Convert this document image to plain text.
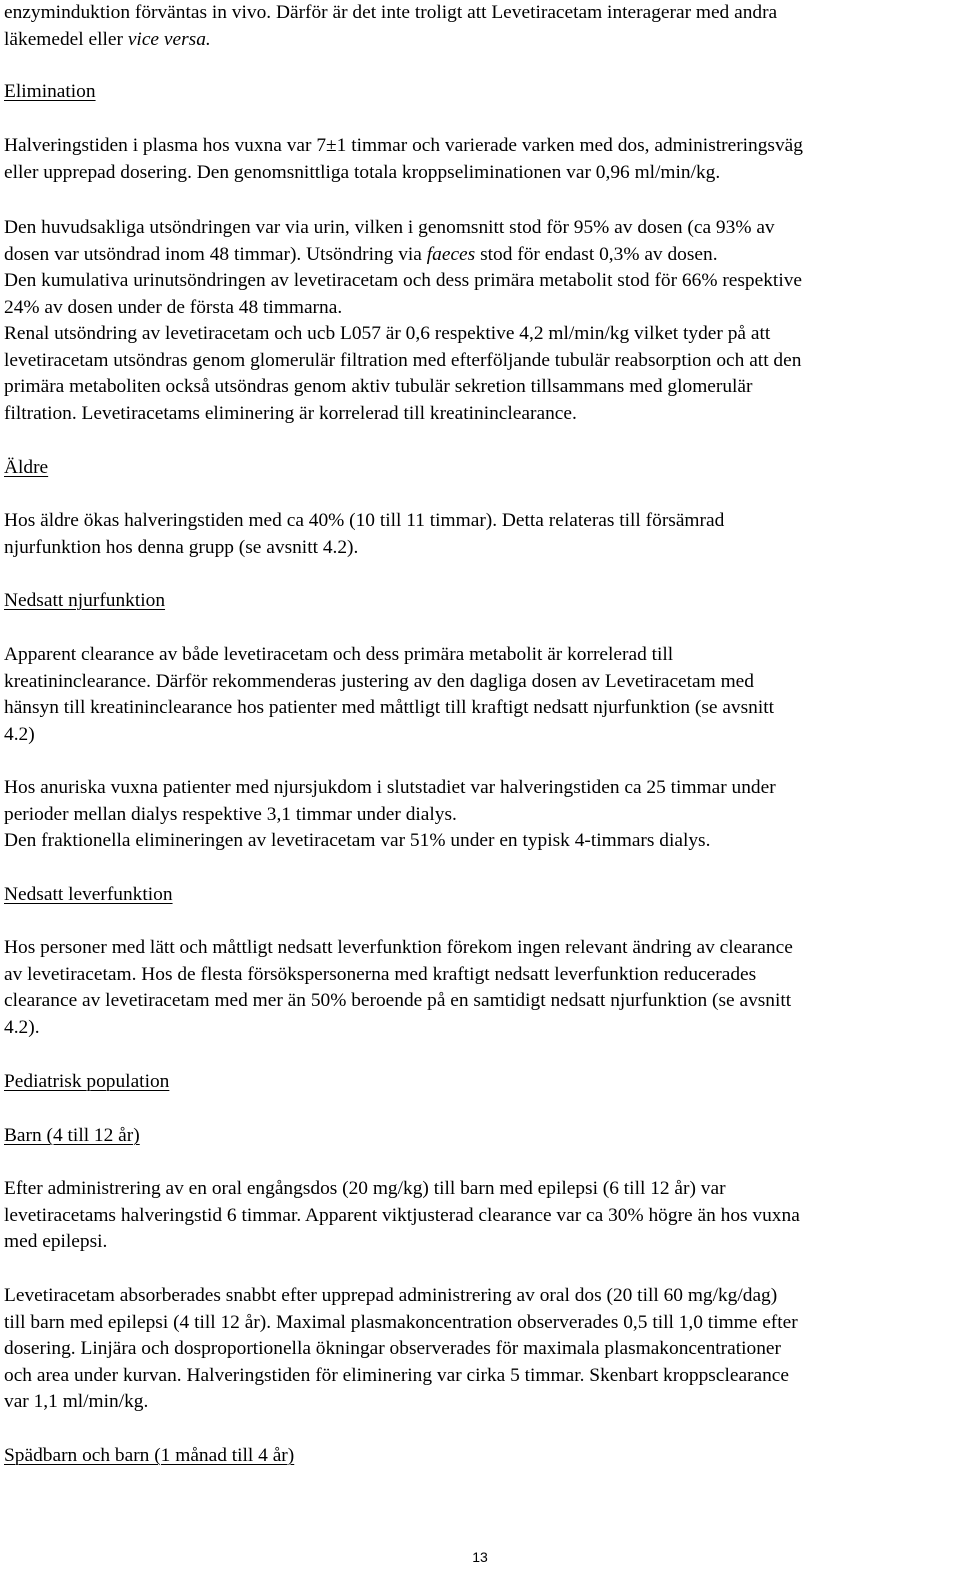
enzyminduktion förväntas in vivo. Därför är det inte troligt att Levetiracetam interagerar med andra
läkemedel eller vice versa.

Elimination

Halveringstiden i plasma hos vuxna var 7±1 timmar och varierade varken med dos, administreringsväg
eller upprepad dosering. Den genomsnittliga totala kroppseliminationen var 0,96 ml/min/kg.

Den huvudsakliga utsöndringen var via urin, vilken i genomsnitt stod för 95% av dosen (ca 93% av
dosen var utsöndrad inom 48 timmar). Utsöndring via faeces stod för endast 0,3% av dosen.

Den kumulativa urinutsöndringen av levetiracetam och dess primära metabolit stod för 66% respektive
24% av dosen under de första 48 timmarna.

Renal utsöndring av levetiracetam och ucb L057 är 0,6 respektive 4,2 ml/min/kg vilket tyder på att
levetiracetam utsöndras genom glomerulär filtration med efterföljande tubulär reabsorption och att den
primära metaboliten också utsöndras genom aktiv tubulär sekretion tillsammans med glomerulär
filtration. Levetiracetams eliminering är korrelerad till kreatininclearance.

Äldre

Hos äldre ökas halveringstiden med ca 40% (10 till 11 timmar). Detta relateras till försämrad
njurfunktion hos denna grupp (se avsnitt 4.2).

Nedsatt njurfunktion

Apparent clearance av både levetiracetam och dess primära metabolit är korrelerad till
kreatininclearance. Därför rekommenderas justering av den dagliga dosen av Levetiracetam med
hänsyn till kreatininclearance hos patienter med måttligt till kraftigt nedsatt njurfunktion (se avsnitt
4.2)

Hos anuriska vuxna patienter med njursjukdom i slutstadiet var halveringstiden ca 25 timmar under
perioder mellan dialys respektive 3,1 timmar under dialys.
Den fraktionella elimineringen av levetiracetam var 51% under en typisk 4-timmars dialys.

Nedsatt leverfunktion

Hos personer med lätt och måttligt nedsatt leverfunktion förekom ingen relevant ändring av clearance
av levetiracetam. Hos de flesta försökspersonerna med kraftigt nedsatt leverfunktion reducerades
clearance av levetiracetam med mer än 50% beroende på en samtidigt nedsatt njurfunktion (se avsnitt
4.2).

Pediatrisk population

Barn (4 till 12 år)

Efter administrering av en oral engångsdos (20 mg/kg) till barn med epilepsi (6 till 12 år) var
levetiracetams halveringstid 6 timmar. Apparent viktjusterad clearance var ca 30% högre än hos vuxna
med epilepsi.

Levetiracetam absorberades snabbt efter upprepad administrering av oral dos (20 till 60 mg/kg/dag)
till barn med epilepsi (4 till 12 år). Maximal plasmakoncentration observerades 0,5 till 1,0 timme efter
dosering. Linjära och dosproportionella ökningar observerades för maximala plasmakoncentrationer
och area under kurvan. Halveringstiden för eliminering var cirka 5 timmar. Skenbart kroppsclearance
var 1,1 ml/min/kg.

Spädbarn och barn (1 månad till 4 år)

13
